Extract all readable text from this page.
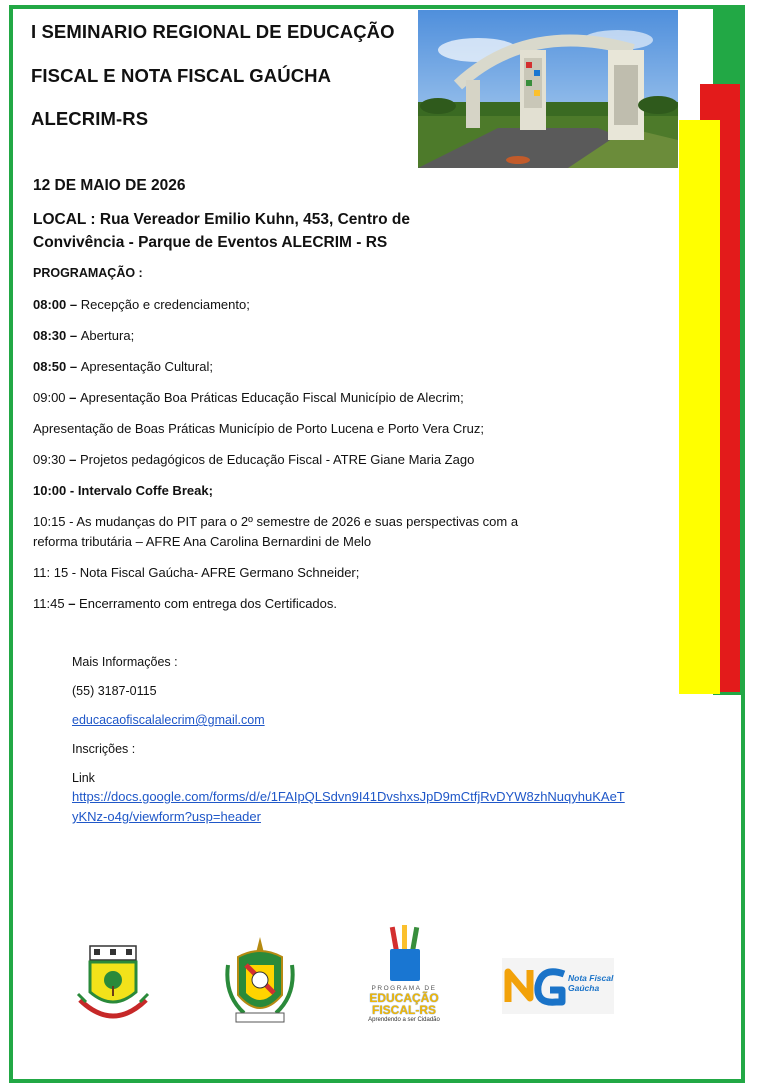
I SEMINARIO REGIONAL DE EDUCAÇÃO
FISCAL E NOTA FISCAL GAÚCHA
ALECRIM-RS
12 DE MAIO DE 2026
LOCAL : Rua Vereador Emilio Kuhn, 453, Centro de Convivência - Parque de Eventos ALECRIM - RS
PROGRAMAÇÃO :
08:00 – Recepção e credenciamento;
08:30 – Abertura;
08:50 – Apresentação Cultural;
09:00 – Apresentação Boa Práticas Educação Fiscal Município de Alecrim;
Apresentação de Boas Práticas Município de Porto Lucena e Porto Vera Cruz;
09:30 – Projetos pedagógicos de Educação Fiscal - ATRE Giane Maria Zago
10:00 - Intervalo Coffe Break;
10:15 - As mudanças do PIT para o 2º semestre de 2026 e suas perspectivas com a
reforma tributária – AFRE Ana Carolina Bernardini de Melo
11: 15 - Nota Fiscal Gaúcha- AFRE Germano Schneider;
11:45 – Encerramento com entrega dos Certificados.
Mais Informações :
(55) 3187-0115
educacaofiscalalecrim@gmail.com
Inscrições :
Link
https://docs.google.com/forms/d/e/1FAIpQLSdvn9I41DvshxsJpD9mCtfjRvDYW8zhNuqyhuKAeT
yKNz-o4g/viewform?usp=header
PROGRAMA DE
EDUCAÇÃO
FISCAL-RS
Aprendendo a ser Cidadão
Nota Fiscal
Gaúcha
